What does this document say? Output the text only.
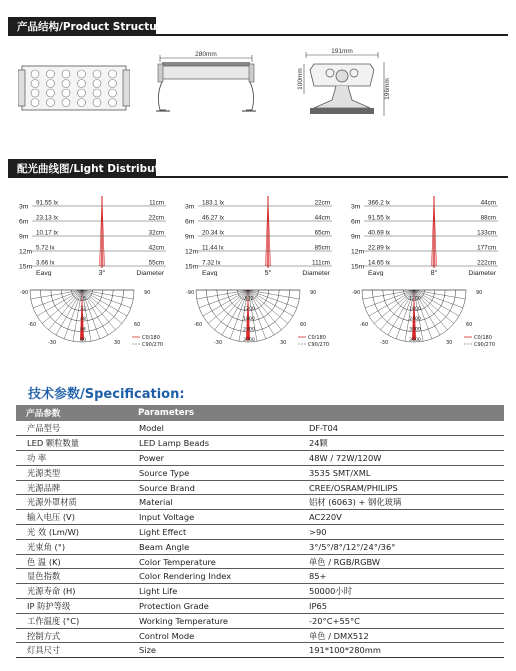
产品结构/Product Structure:
280mm	191mm
100mm	196mm
配光曲线图/Light Distribution Curve:
3m
91.55 lx	11cm
6m
23.13 lx	22cm
9m
10.17 lx	32cm
12m
5.72 lx	42cm
15m
3.66 lx	55cm
Eavg	3°	Diameter
3m
183.1 lx	22cm
6m
46.27 lx	44cm
9m
20.34 lx	65cm
12m
11.44 lx	85cm
15m
7.32 lx	111cm
Eavg	5°	Diameter
3m
366.2 lx	44cm
6m
91.55 lx	88cm
9m
40.69 lx	133cm
12m
22.89 lx	177cm
15m
14.65 lx	222cm
Eavg	8°	Diameter
16
32
48
64
80
-90
-60
-30
90
60
30
C0/180
C90/270
600
1200
1800
2400
3000
-90
-60
-30
90
60
30
C0/180
C90/270
1200
1800
2400
3000
3600
-90
-60
-30
90
60
30
C0/180
C90/270
技术参数/Specification:
产品参数	Parameters	
产品型号	Model	DF-T04
LED 颗粒数量	LED Lamp Beads	24颗
功 率	Power	48W / 72W/120W
光源类型	Source Type	3535 SMT/XML
光源品牌	Source Brand	CREE/OSRAM/PHILIPS
光源外罩材质	Material	铝材 (6063) + 钢化玻璃
输入电压 (V)	Input Voltage	AC220V
光 效 (Lm/W)	Light Effect	>90
光束角 (°)	Beam Angle	3°/5°/8°/12°/24°/36°
色 温 (K)	Color Temperature	单色 / RGB/RGBW
显色指数	Color Rendering Index	85+
光源寿命 (H)	Light Life	50000小时
IP 防护等级	Protection Grade	IP65
工作温度 (°C)	Working Temperature	-20°C+55°C
控制方式	Control Mode	单色 / DMX512
灯具尺寸	Size	191*100*280mm
